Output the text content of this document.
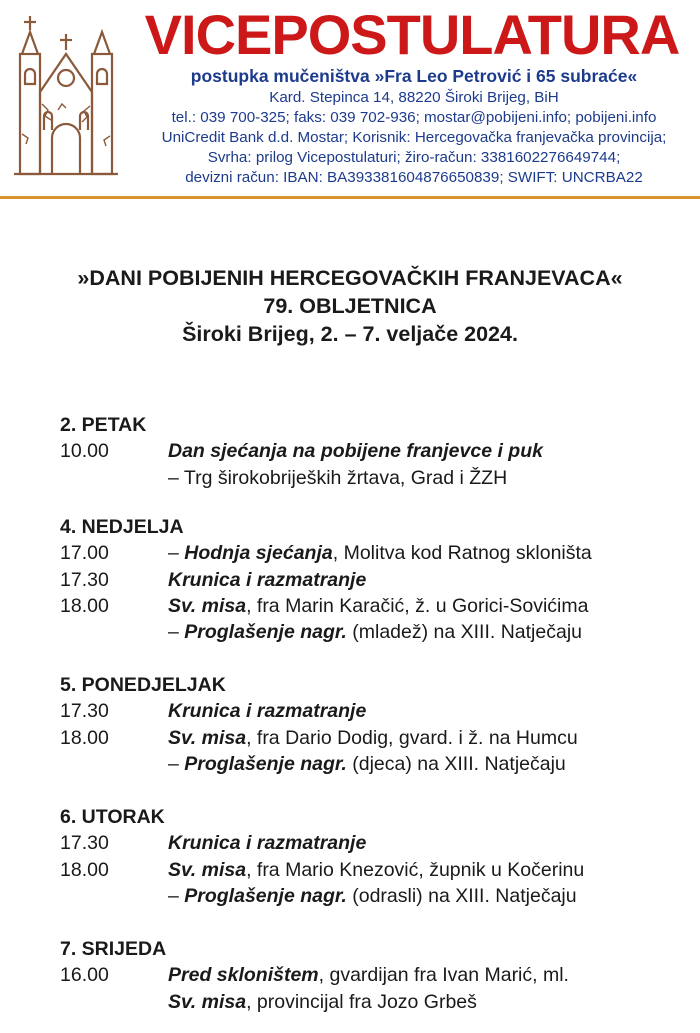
VICEPOSTULATURA
postupka mučeništva »Fra Leo Petrović i 65 subraće«
Kard. Stepinca 14, 88220 Široki Brijeg, BiH
tel.: 039 700-325; faks: 039 702-936; mostar@pobijeni.info; pobijeni.info
UniCredit Bank d.d. Mostar; Korisnik: Hercegovačka franjevačka provincija;
Svrha: prilog Vicepostulaturi; žiro-račun: 3381602276649744;
devizni račun: IBAN: BA393381604876650839; SWIFT: UNCRBA22
»DANI POBIJENIH HERCEGOVAČKIH FRANJEVACA«
79. OBLJETNICA
Široki Brijeg, 2. – 7. veljače 2024.
2. PETAK
10.00	Dan sjećanja na pobijene franjevce i puk
– Trg širokobrijeških žrtava, Grad i ŽZH
4. NEDJELJA
17.00	– Hodnja sjećanja, Molitva kod Ratnog skloništa
17.30	Krunica i razmatranje
18.00	Sv. misa, fra Marin Karačić, ž. u Gorici-Sovićima
– Proglašenje nagr. (mladež) na XIII. Natječaju
5. PONEDJELJAK
17.30	Krunica i razmatranje
18.00	Sv. misa, fra Dario Dodig, gvard. i ž. na Humcu
– Proglašenje nagr. (djeca) na XIII. Natječaju
6. UTORAK
17.30	Krunica i razmatranje
18.00	Sv. misa, fra Mario Knezović, župnik u Kočerinu
– Proglašenje nagr. (odrasli) na XIII. Natječaju
7. SRIJEDA
16.00	Pred skloništem, gvardijan fra Ivan Marić, ml.
Sv. misa, provincijal fra Jozo Grbeš
